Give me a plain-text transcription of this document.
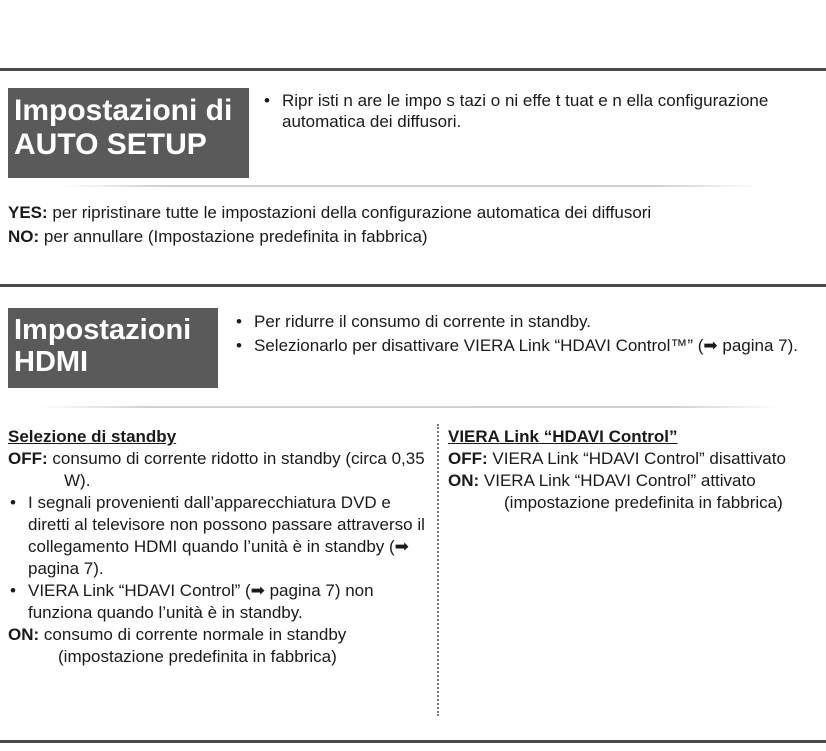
Impostazioni di
AUTO SETUP
• Ripr isti n are le impo s tazi o ni effe t tuat e n ella configurazione automatica dei diffusori.
YES: per ripristinare tutte le impostazioni della configurazione automatica dei diffusori
NO: per annullare (Impostazione predefinita in fabbrica)
Impostazioni
HDMI
• Per ridurre il consumo di corrente in standby.
• Selezionarlo per disattivare VIERA Link “HDAVI Control™” (➡ pagina 7).
Selezione di standby
OFF: consumo di corrente ridotto in standby (circa 0,35 W).
• I segnali provenienti dall’apparecchiatura DVD e diretti al televisore non possono passare attraverso il collegamento HDMI quando l’unità è in standby (➡ pagina 7).
• VIERA Link “HDAVI Control” (➡ pagina 7) non funziona quando l’unità è in standby.
ON: consumo di corrente normale in standby (impostazione predefinita in fabbrica)
VIERA Link “HDAVI Control”
OFF: VIERA Link “HDAVI Control” disattivato
ON: VIERA Link “HDAVI Control” attivato (impostazione predefinita in fabbrica)
